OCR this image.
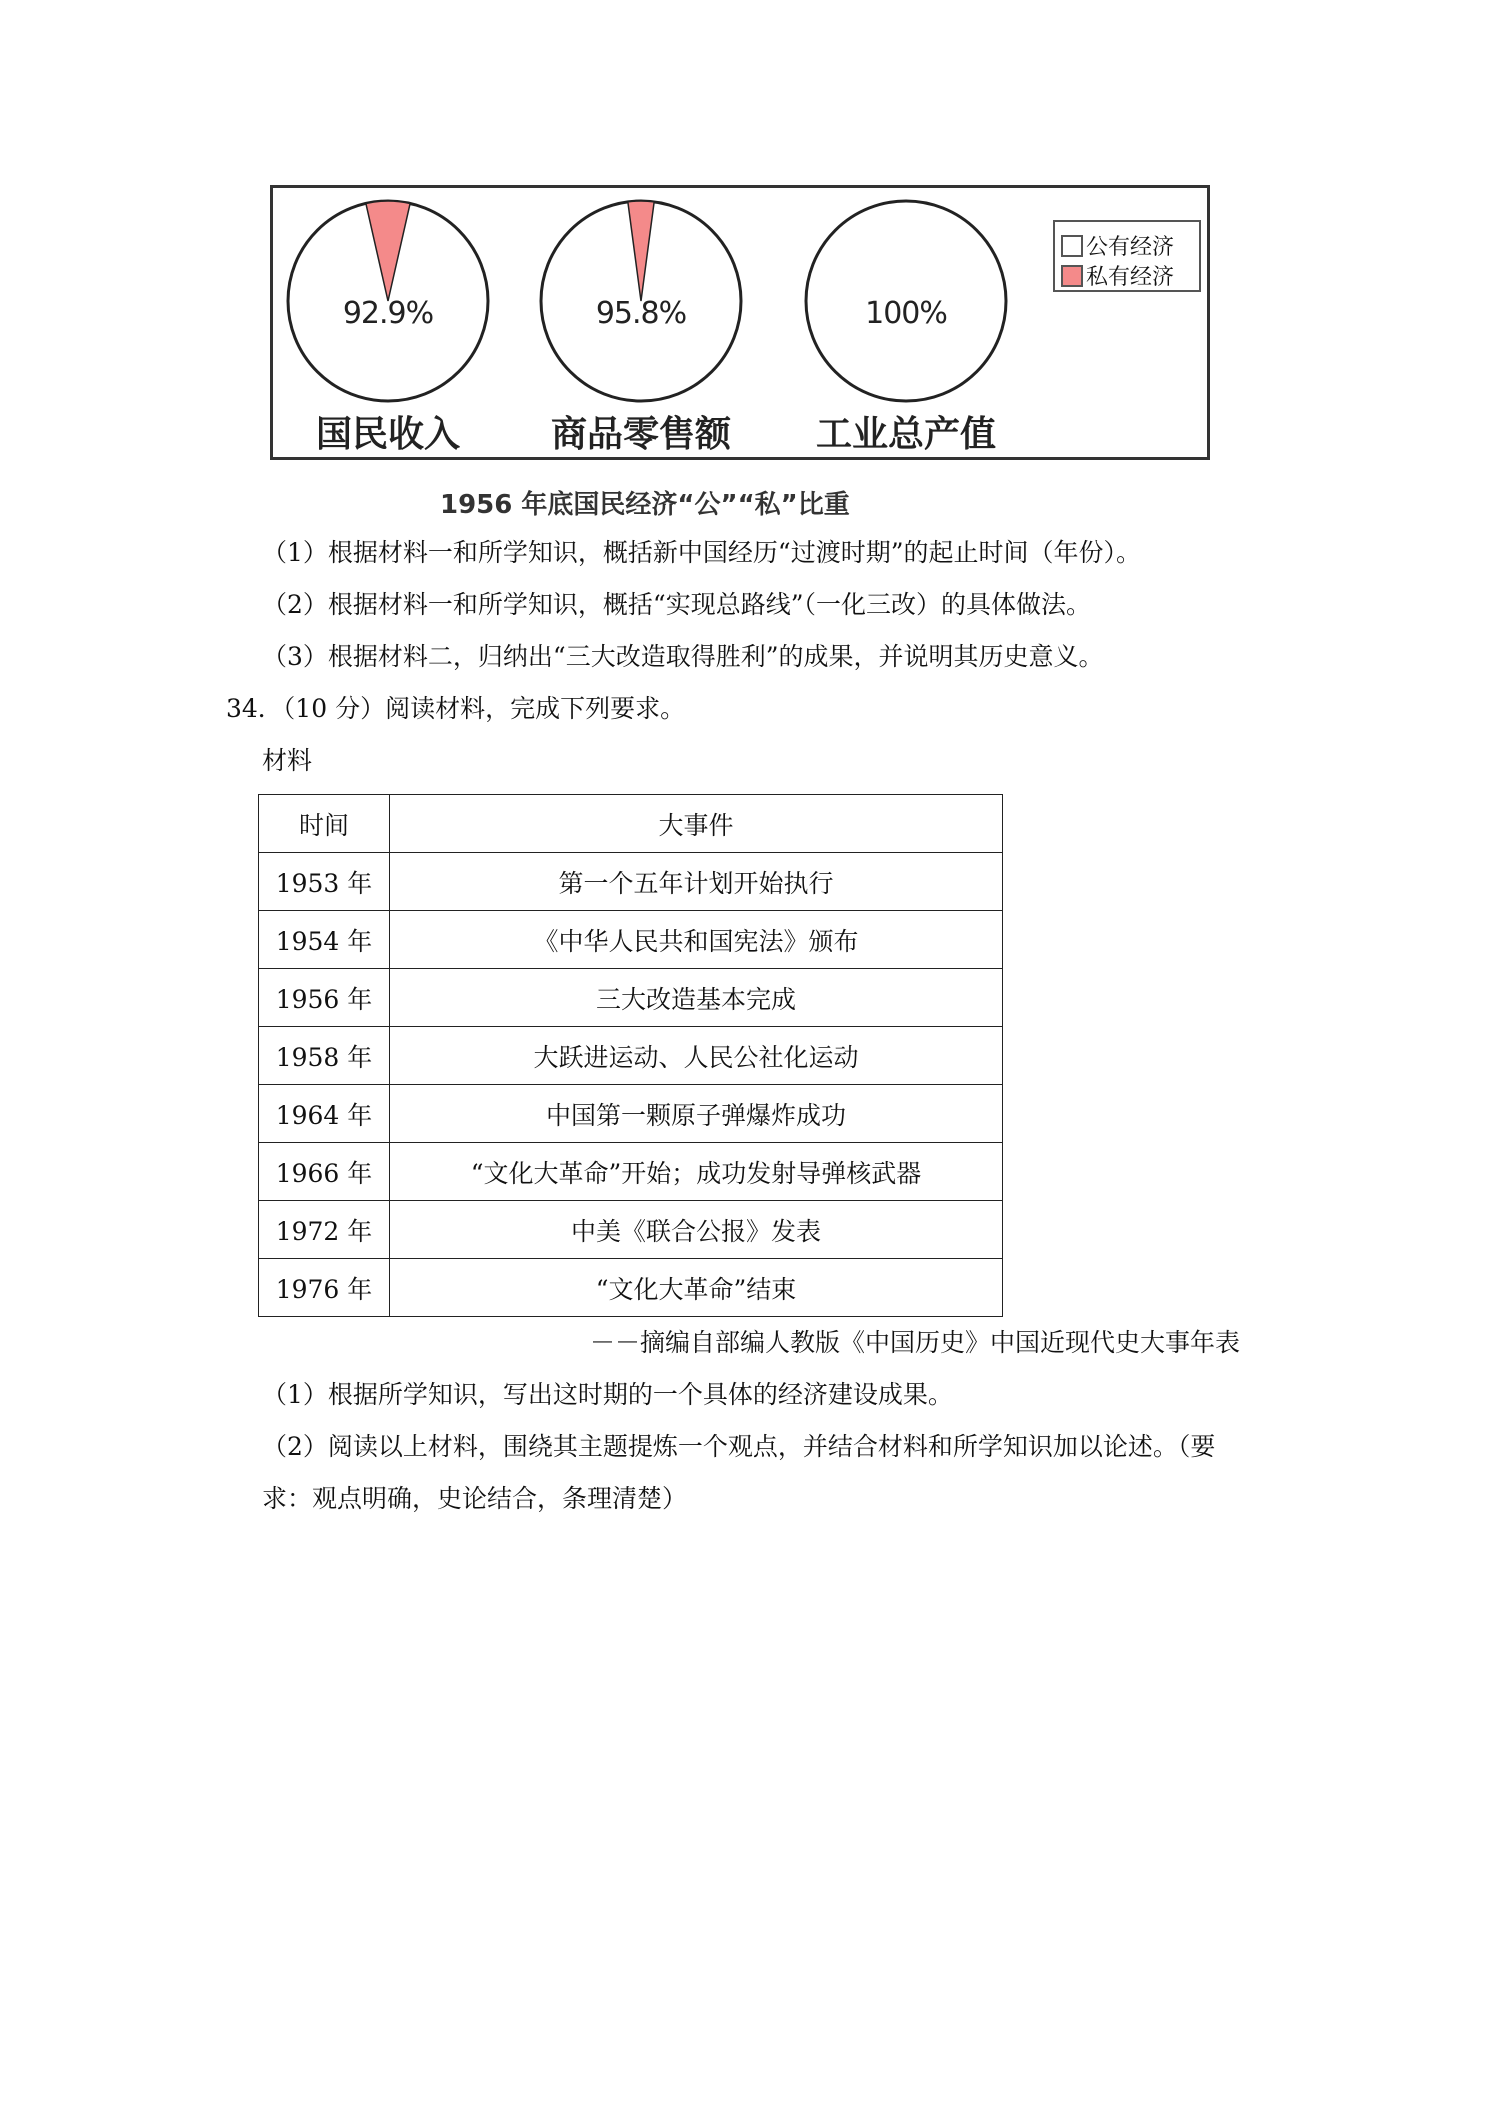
92.9%
国民收入
95.8%
商品零售额
100%
工业总产值
公有经济
私有经济
1956 年底国民经济“公”“私”比重
（1）根据材料一和所学知识，概括新中国经历“过渡时期”的起止时间（年份）。
（2）根据材料一和所学知识，概括“实现总路线”（一化三改）的具体做法。
（3）根据材料二，归纳出“三大改造取得胜利”的成果，并说明其历史意义。
34．（10 分）阅读材料，完成下列要求。
材料
时间	大事件
1953 年	第一个五年计划开始执行
1954 年	《中华人民共和国宪法》颁布
1956 年	三大改造基本完成
1958 年	大跃进运动、人民公社化运动
1964 年	中国第一颗原子弹爆炸成功
1966 年	“文化大革命”开始；成功发射导弹核武器
1972 年	中美《联合公报》发表
1976 年	“文化大革命”结束
－－摘编自部编人教版《中国历史》中国近现代史大事年表
（1）根据所学知识，写出这时期的一个具体的经济建设成果。
（2）阅读以上材料，围绕其主题提炼一个观点，并结合材料和所学知识加以论述。（要
求：观点明确，史论结合，条理清楚）
